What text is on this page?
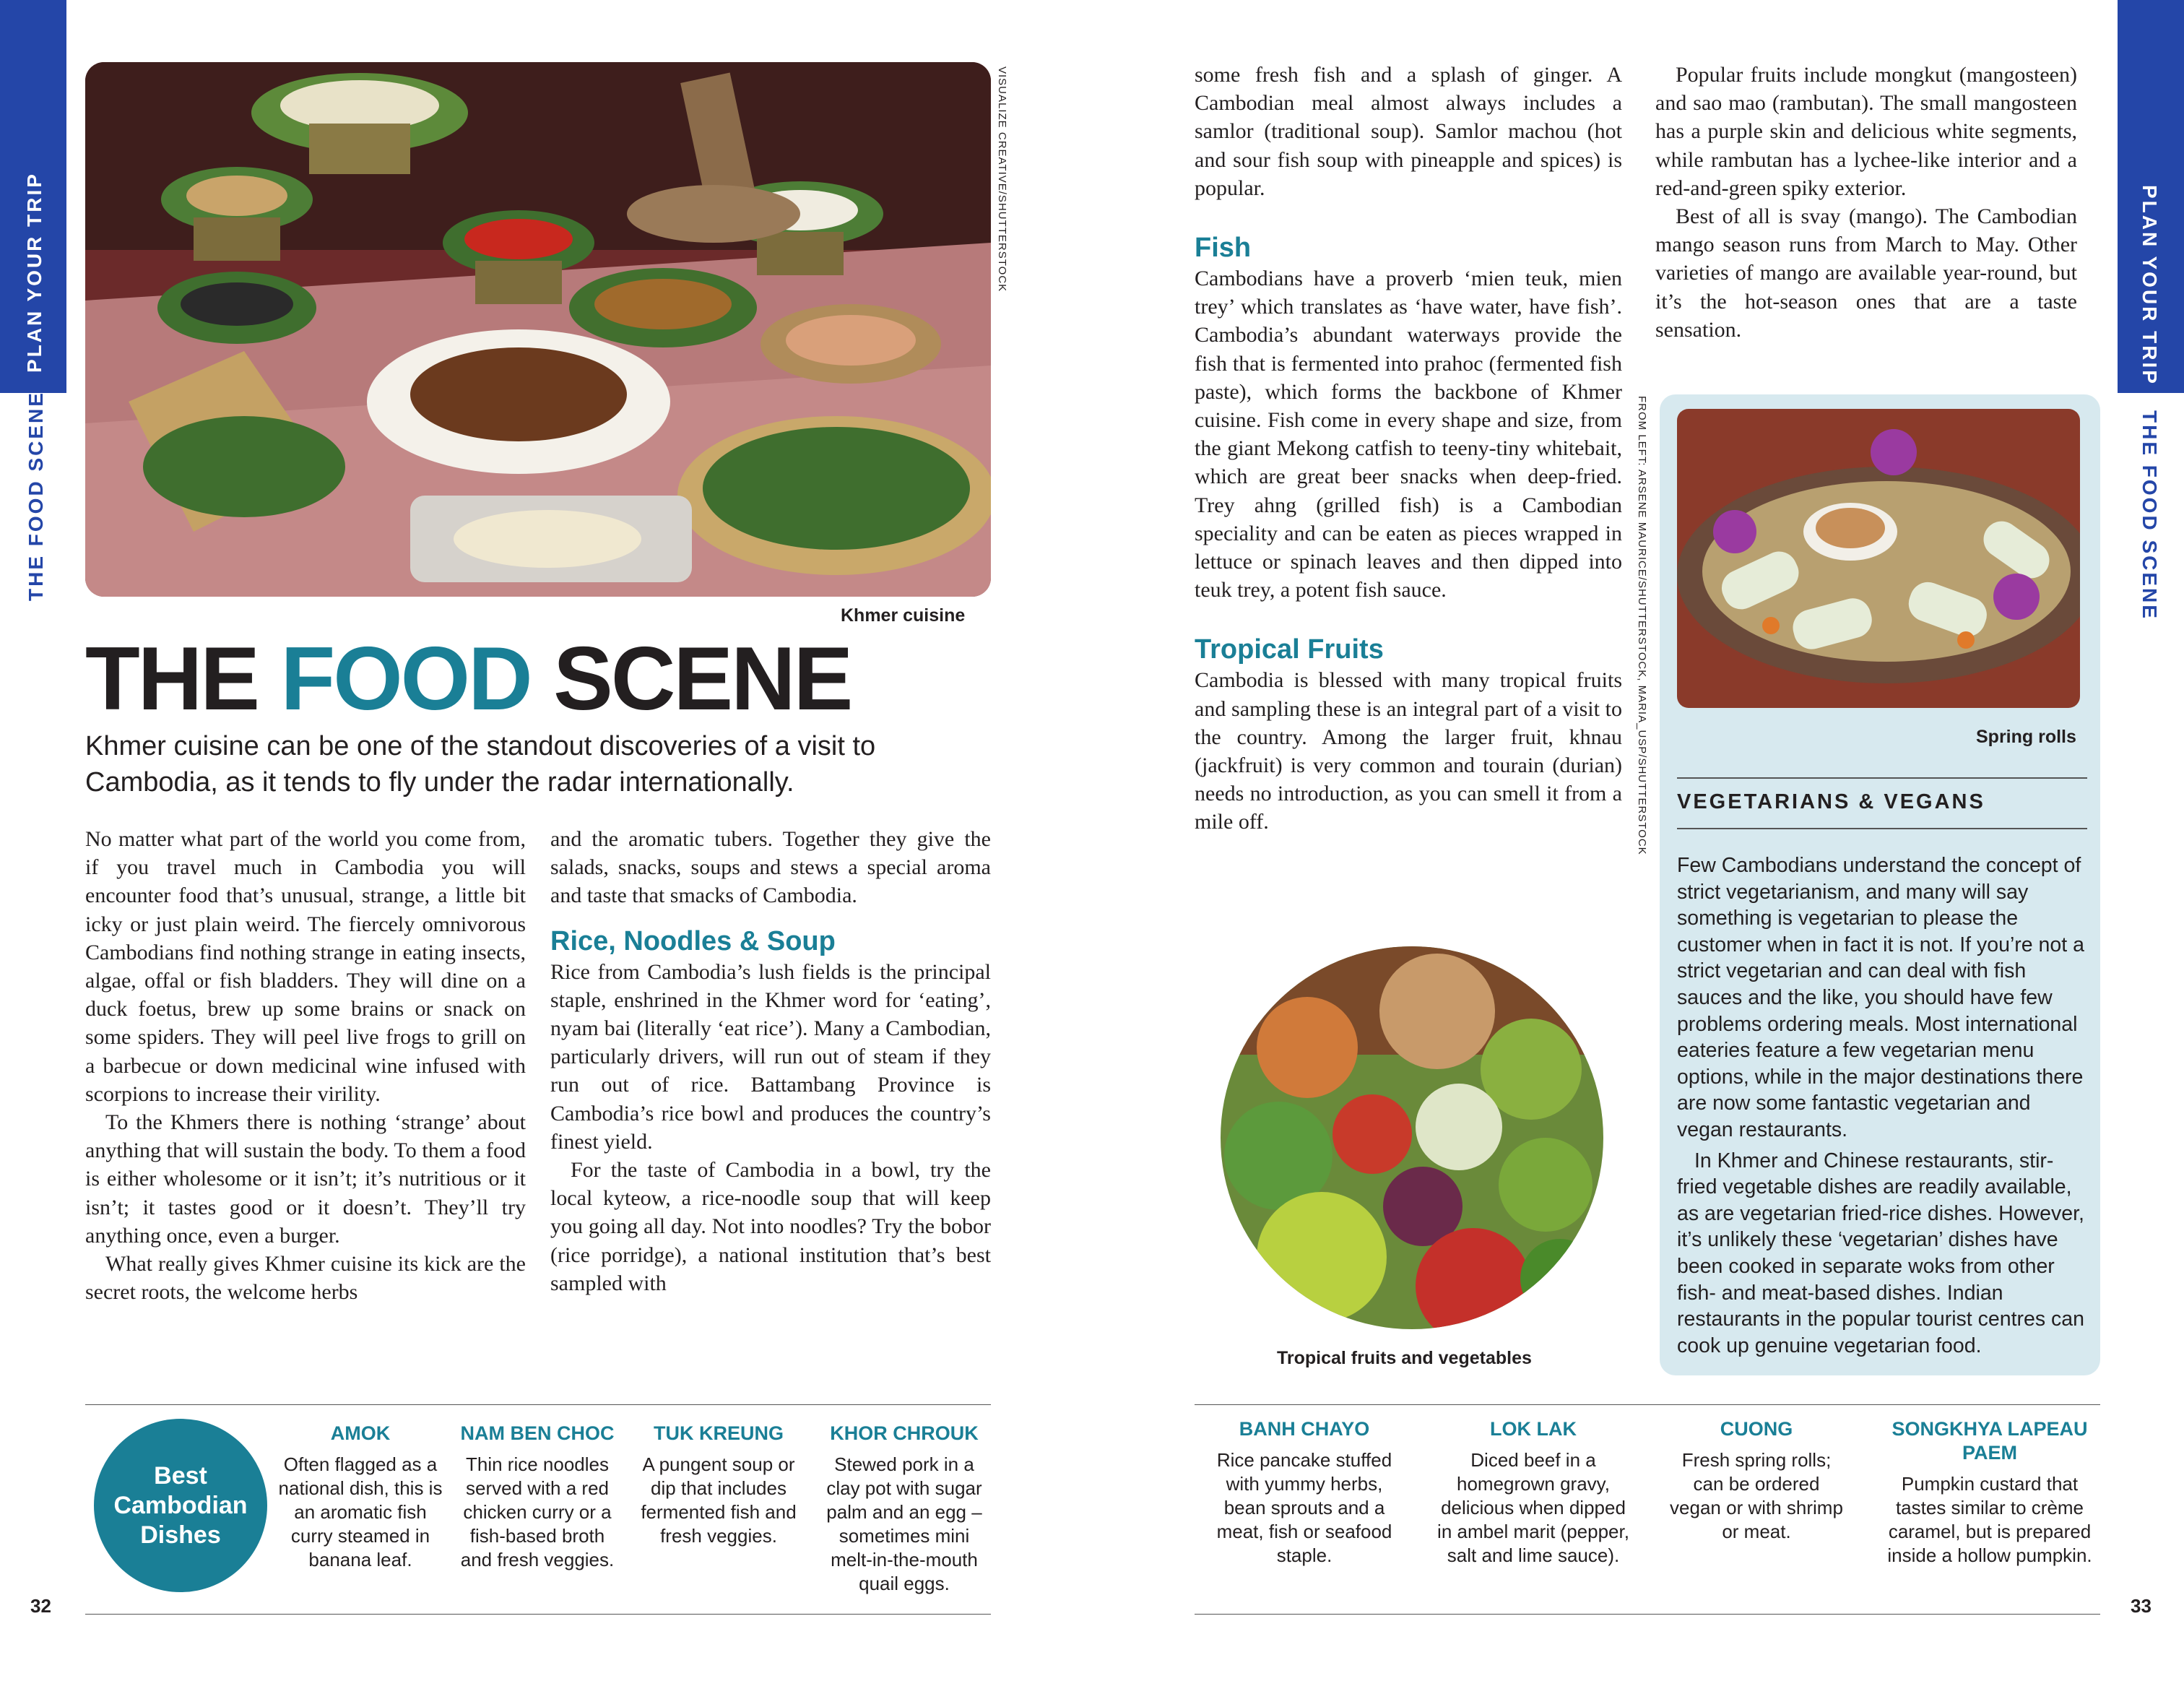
PLAN YOUR TRIP
THE FOOD SCENE
PLAN YOUR TRIP
THE FOOD SCENE
VISUALIZE CREATIVE/SHUTTERSTOCK
Khmer cuisine
THE FOOD SCENE
Khmer cuisine can be one of the standout discoveries of a visit to Cambodia, as it tends to fly under the radar internationally.

No matter what part of the world you come from, if you travel much in Cambodia you will encounter food that’s unusual, strange, a little bit icky or just plain weird. The fiercely omnivorous Cambodians find nothing strange in eating insects, algae, offal or fish bladders. They will dine on a duck foetus, brew up some brains or snack on some spiders. They will peel live frogs to grill on a barbecue or down medicinal wine infused with scorpions to increase their virility.

To the Khmers there is nothing ‘strange’ about anything that will sustain the body. To them a food is either wholesome or it isn’t; it’s nutritious or it isn’t; it tastes good or it doesn’t. They’ll try anything once, even a burger.

What really gives Khmer cuisine its kick are the secret roots, the welcome herbs

and the aromatic tubers. Together they give the salads, snacks, soups and stews a special aroma and taste that smacks of Cambodia.

Rice, Noodles & Soup

Rice from Cambodia’s lush fields is the principal staple, enshrined in the Khmer word for ‘eating’, nyam bai (literally ‘eat rice’). Many a Cambodian, particularly drivers, will run out of steam if they run out of rice. Battambang Province is Cambodia’s rice bowl and produces the country’s finest yield.

For the taste of Cambodia in a bowl, try the local kyteow, a rice-noodle soup that will keep you going all day. Not into noodles? Try the bobor (rice porridge), a national institution that’s best sampled with

some fresh fish and a splash of ginger. A Cambodian meal almost always includes a samlor (traditional soup). Samlor machou (hot and sour fish soup with pineapple and spices) is popular.

Fish

Cambodians have a proverb ‘mien teuk, mien trey’ which translates as ‘have water, have fish’. Cambodia’s abundant waterways provide the fish that is fermented into prahoc (fermented fish paste), which forms the backbone of Khmer cuisine. Fish come in every shape and size, from the giant Mekong catfish to teeny-tiny whitebait, which are great beer snacks when deep-fried. Trey ahng (grilled fish) is a Cambodian speciality and can be eaten as pieces wrapped in lettuce or spinach leaves and then dipped into teuk trey, a potent fish sauce.

Tropical Fruits

Cambodia is blessed with many tropical fruits and sampling these is an integral part of a visit to the country. Among the larger fruit, khnau (jackfruit) is very common and tourain (durian) needs no introduction, as you can smell it from a mile off.

Popular fruits include mongkut (mangosteen) and sao mao (rambutan). The small mangosteen has a purple skin and delicious white segments, while rambutan has a lychee-like interior and a red-and-green spiky exterior.

Best of all is svay (mango). The Cambodian mango season runs from March to May. Other varieties of mango are available year-round, but it’s the hot-season ones that are a taste sensation.

FROM LEFT: ARSENE MAURICE/SHUTTERSTOCK, MARIA_USP/SHUTTERSTOCK
Tropical fruits and vegetables
Spring rolls
VEGETARIANS & VEGANS

Few Cambodians understand the concept of strict vegetarianism, and many will say something is vegetarian to please the customer when in fact it is not. If you’re not a strict vegetarian and can deal with fish sauces and the like, you should have few problems ordering meals. Most international eateries feature a few vegetarian menu options, while in the major destinations there are now some fantastic vegetarian and vegan restaurants.

In Khmer and Chinese restaurants, stir-fried vegetable dishes are readily available, as are vegetarian fried-rice dishes. However, it’s unlikely these ‘vegetarian’ dishes have been cooked in separate woks from other fish- and meat-based dishes. Indian restaurants in the popular tourist centres can cook up genuine vegetarian food.

Best
Cambodian
Dishes
AMOK
Often flagged as a national dish, this is an aromatic fish curry steamed in banana leaf.
NAM BEN CHOC
Thin rice noodles served with a red chicken curry or a fish-based broth and fresh veggies.
TUK KREUNG
A pungent soup or dip that includes fermented fish and fresh veggies.
KHOR CHROUK
Stewed pork in a clay pot with sugar palm and an egg – sometimes mini melt-in-the-mouth quail eggs.
BANH CHAYO
Rice pancake stuffed with yummy herbs, bean sprouts and a meat, fish or seafood staple.
LOK LAK
Diced beef in a homegrown gravy, delicious when dipped in ambel marit (pepper, salt and lime sauce).
CUONG
Fresh spring rolls; can be ordered vegan or with shrimp or meat.
SONGKHYA LAPEAU PAEM
Pumpkin custard that tastes similar to crème caramel, but is prepared inside a hollow pumpkin.
32	33
